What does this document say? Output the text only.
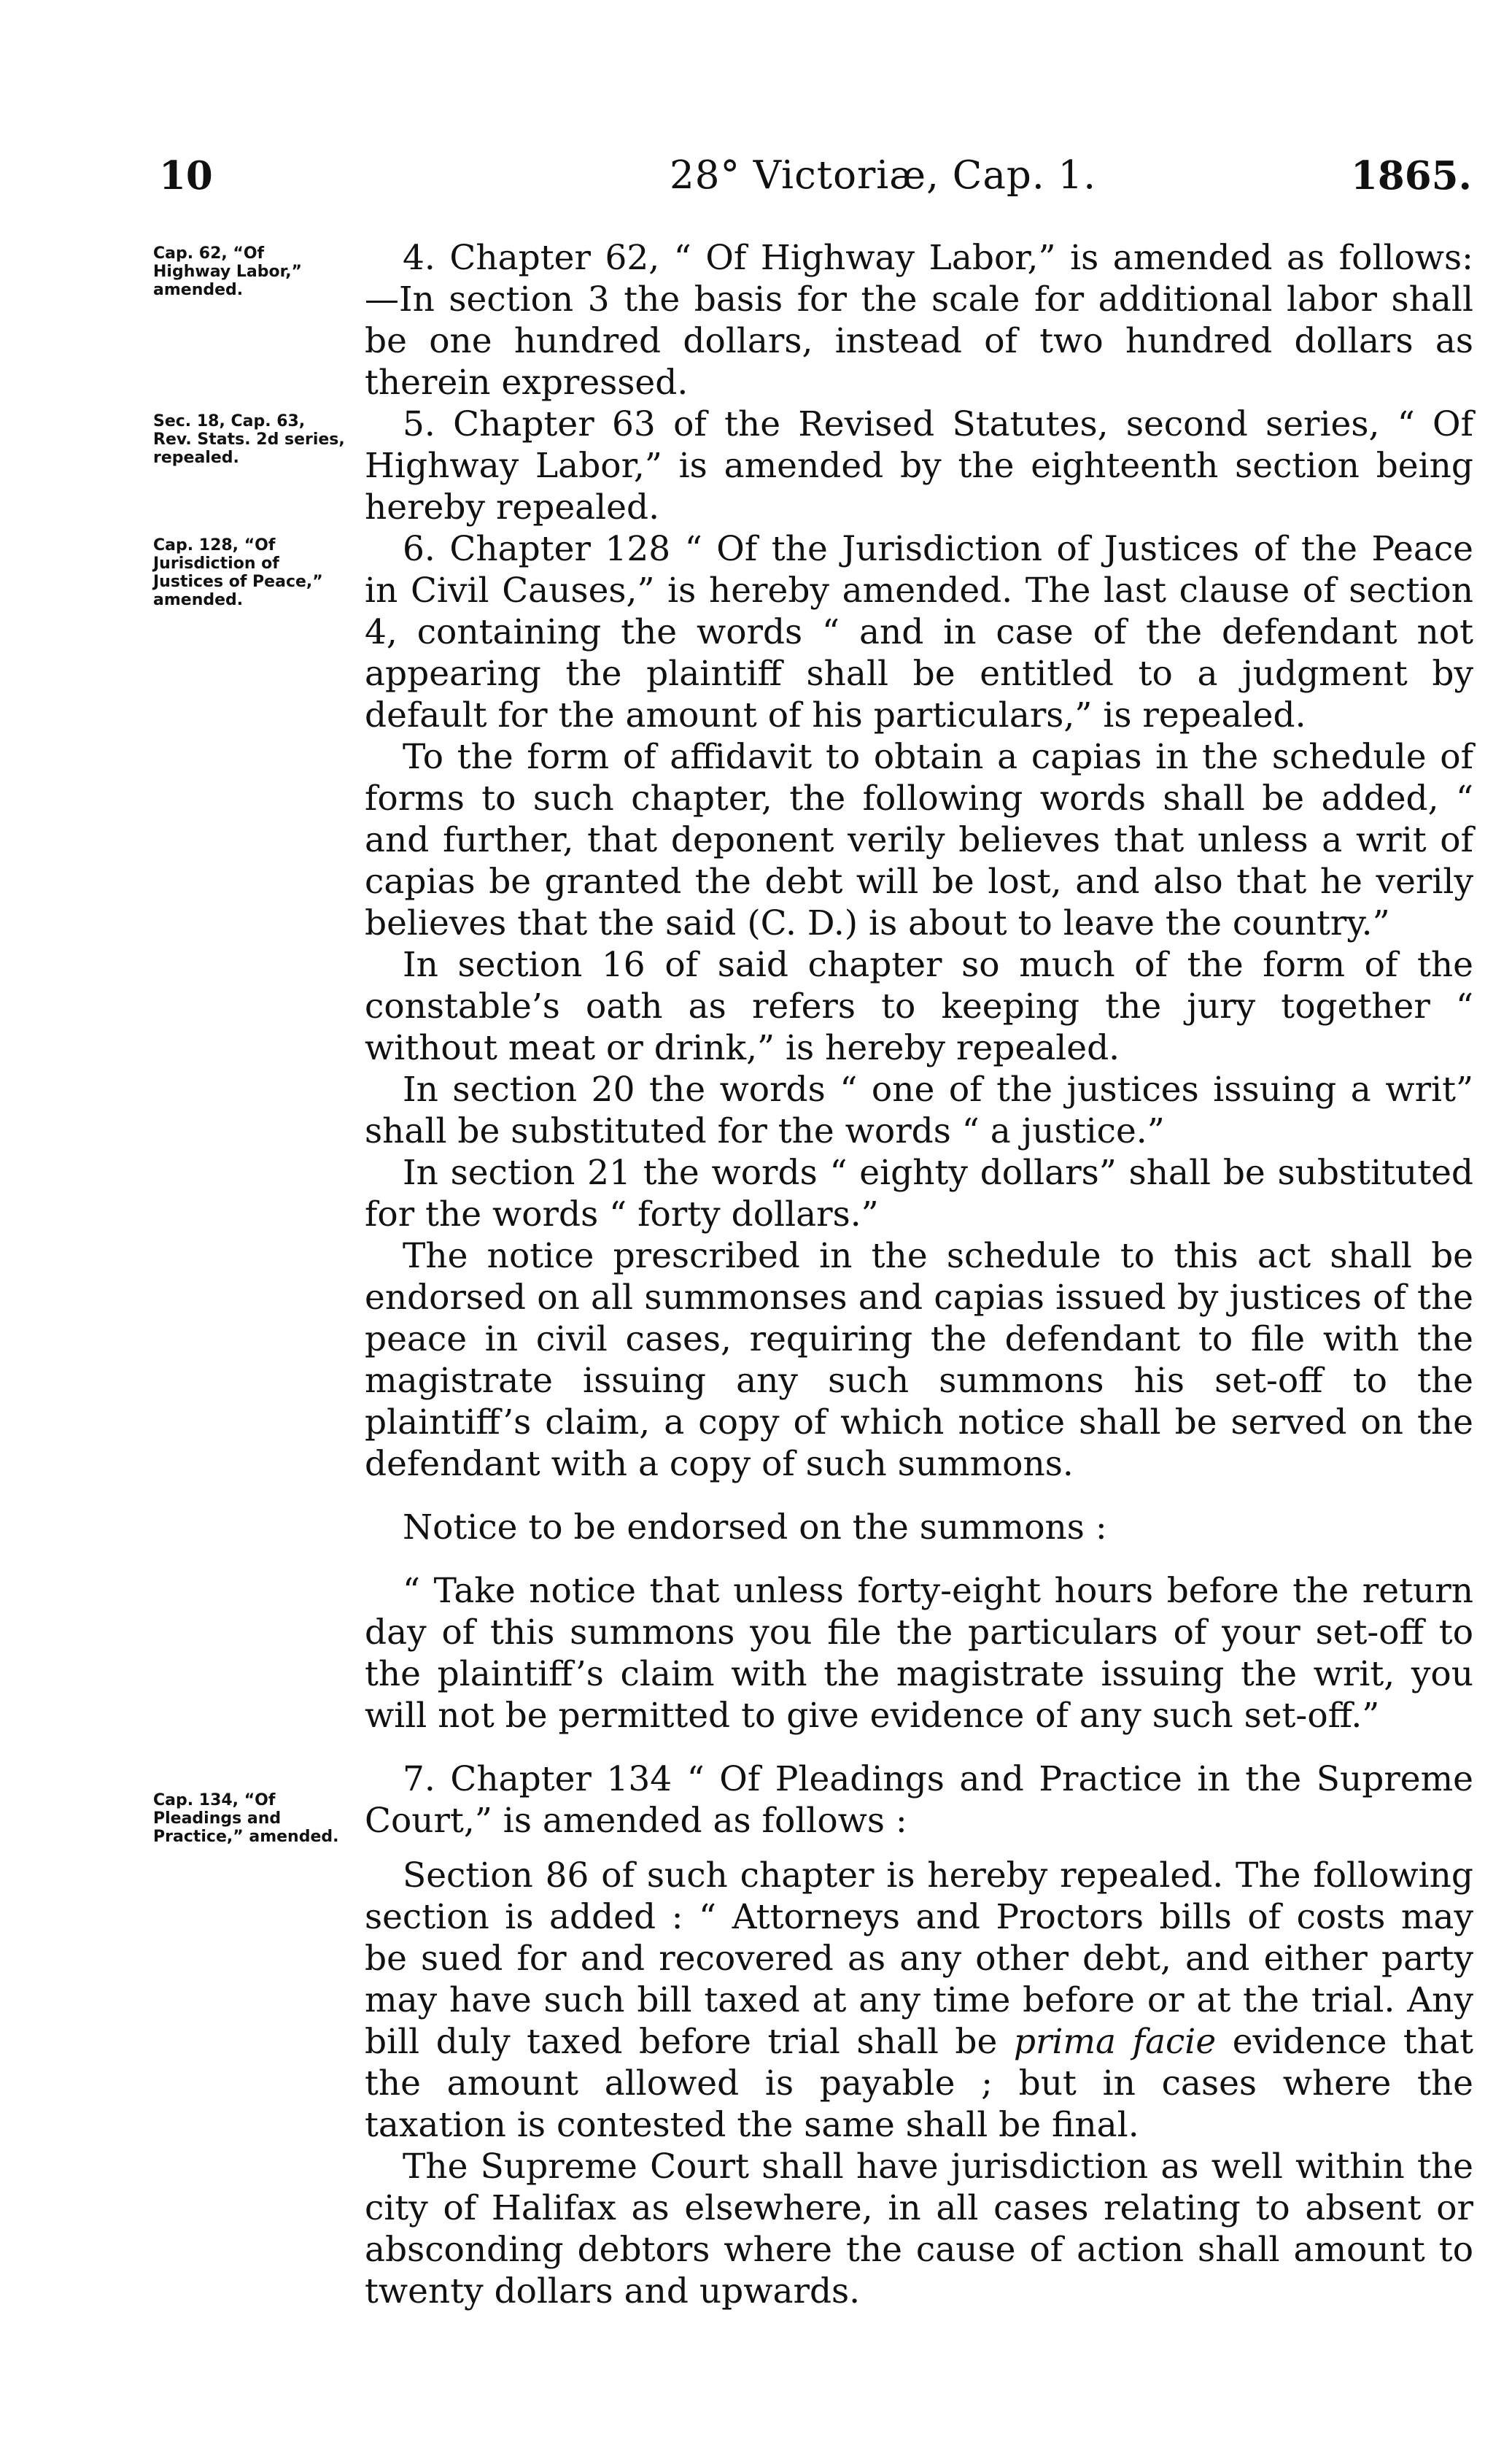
10	28° Victoriæ, Cap. 1.	1865.
Cap. 62, “Of Highway Labor,” amended.
Sec. 18, Cap. 63, Rev. Stats. 2d series, repealed.
Cap. 128, “Of Jurisdiction of Justices of Peace,” amended.
Cap. 134, “Of Pleadings and Practice,” amended.

4. Chapter 62, “ Of Highway Labor,” is amended as follows:—In section 3 the basis for the scale for additional labor shall be one hundred dollars, instead of two hundred dollars as therein expressed.

5. Chapter 63 of the Revised Statutes, second series, “ Of Highway Labor,” is amended by the eighteenth section being hereby repealed.

6. Chapter 128 “ Of the Jurisdiction of Justices of the Peace in Civil Causes,” is hereby amended. The last clause of section 4, containing the words “ and in case of the defendant not appearing the plaintiff shall be entitled to a judgment by default for the amount of his particulars,” is repealed.

To the form of affidavit to obtain a capias in the schedule of forms to such chapter, the following words shall be added, “ and further, that deponent verily believes that unless a writ of capias be granted the debt will be lost, and also that he verily believes that the said (C. D.) is about to leave the country.”

In section 16 of said chapter so much of the form of the constable’s oath as refers to keeping the jury together “ without meat or drink,” is hereby repealed.

In section 20 the words “ one of the justices issuing a writ” shall be substituted for the words “ a justice.”

In section 21 the words “ eighty dollars” shall be substituted for the words “ forty dollars.”

The notice prescribed in the schedule to this act shall be endorsed on all summonses and capias issued by justices of the peace in civil cases, requiring the defendant to file with the magistrate issuing any such summons his set-off to the plaintiff’s claim, a copy of which notice shall be served on the defendant with a copy of such summons.

Notice to be endorsed on the summons :

“ Take notice that unless forty-eight hours before the return day of this summons you file the particulars of your set-off to the plaintiff’s claim with the magistrate issuing the writ, you will not be permitted to give evidence of any such set-off.”

7. Chapter 134 “ Of Pleadings and Practice in the Supreme Court,” is amended as follows :

Section 86 of such chapter is hereby repealed. The following section is added : “ Attorneys and Proctors bills of costs may be sued for and recovered as any other debt, and either party may have such bill taxed at any time before or at the trial. Any bill duly taxed before trial shall be prima facie evidence that the amount allowed is payable ; but in cases where the taxation is contested the same shall be final.

The Supreme Court shall have jurisdiction as well within the city of Halifax as elsewhere, in all cases relating to absent or absconding debtors where the cause of action shall amount to twenty dollars and upwards.
